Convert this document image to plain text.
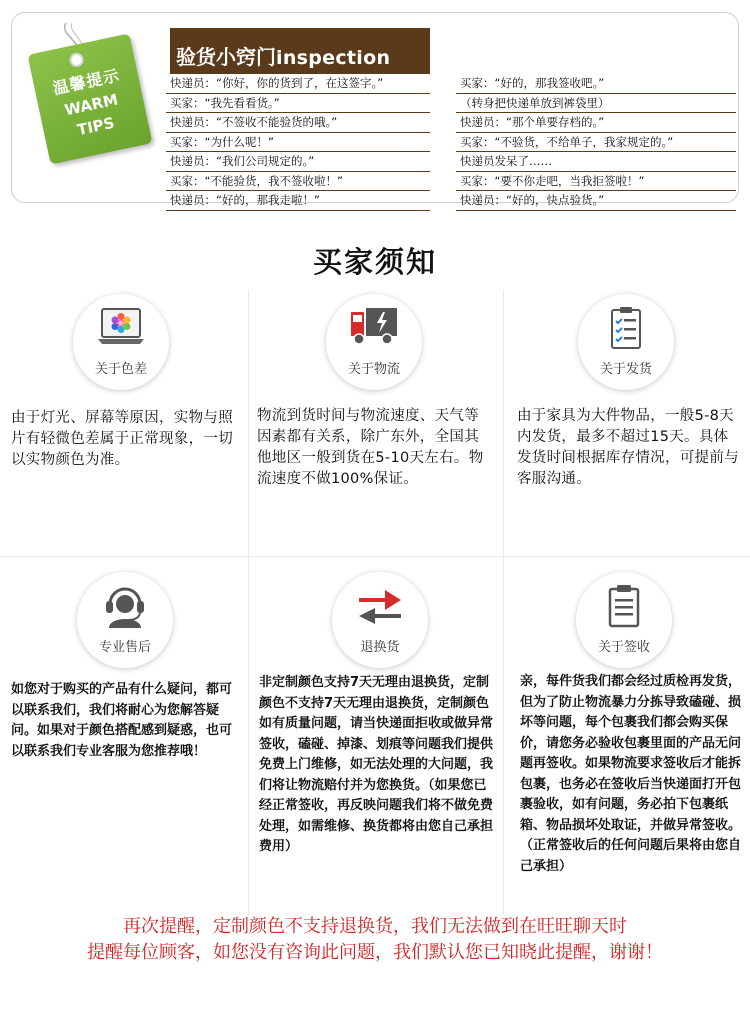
温馨提示
WARM
TIPS
验货小窍门inspection
快递员：“你好，你的货到了，在这签字。”
买家：“我先看看货。”
快递员：“不签收不能验货的哦。”
买家：“为什么呢！”
快递员：“我们公司规定的。”
买家：“不能验货，我不签收啦！”
快递员：“好的，那我走啦！”
买家：“好的，那我签收吧。”
（转身把快递单放到裤袋里）
快递员：“那个单要存档的。”
买家：“不验货，不给单子，我家规定的。”
快递员发呆了……
买家：“要不你走吧，当我拒签啦！”
快递员：“好的，快点验货。”
买家须知
关于色差
由于灯光、屏幕等原因，实物与照片有轻微色差属于正常现象，一切以实物颜色为准。
关于物流
物流到货时间与物流速度、天气等因素都有关系，除广东外，全国其他地区一般到货在5-10天左右。物流速度不做100%保证。
关于发货
由于家具为大件物品，一般5-8天内发货，最多不超过15天。具体发货时间根据库存情况，可提前与客服沟通。
专业售后
如您对于购买的产品有什么疑问，都可以联系我们，我们将耐心为您解答疑问。如果对于颜色搭配感到疑惑，也可以联系我们专业客服为您推荐哦！
退换货
非定制颜色支持7天无理由退换货，定制颜色不支持7天无理由退换货，定制颜色如有质量问题，请当快递面拒收或做异常签收，磕碰、掉漆、划痕等问题我们提供免费上门维修，如无法处理的大问题，我们将让物流赔付并为您换货。（如果您已经正常签收，再反映问题我们将不做免费处理，如需维修、换货都将由您自己承担费用）
关于签收
亲，每件货我们都会经过质检再发货，但为了防止物流暴力分拣导致磕碰、损坏等问题，每个包裹我们都会购买保价，请您务必验收包裹里面的产品无问题再签收。如果物流要求签收后才能拆包裹，也务必在签收后当快递面打开包裹验收，如有问题，务必拍下包裹纸箱、物品损坏处取证，并做异常签收。（正常签收后的任何问题后果将由您自己承担）
再次提醒，定制颜色不支持退换货，我们无法做到在旺旺聊天时
提醒每位顾客，如您没有咨询此问题，我们默认您已知晓此提醒，谢谢！
